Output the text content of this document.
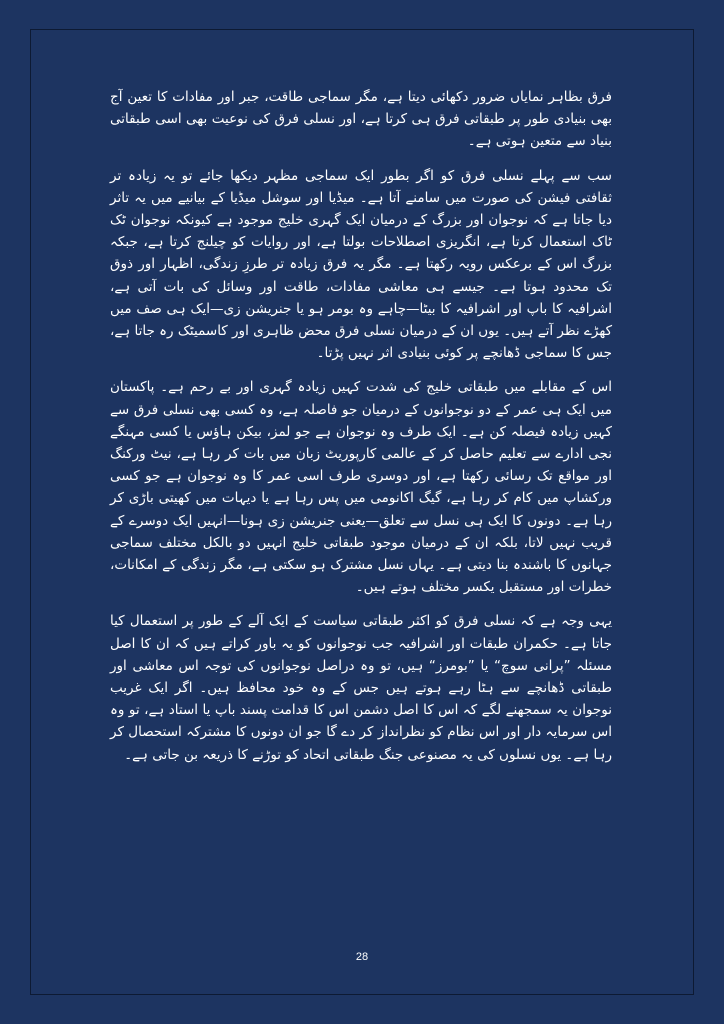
فرق بظاہر نمایاں ضرور دکھائی دیتا ہے، مگر سماجی طاقت، جبر اور مفادات کا تعین آج بھی بنیادی طور پر طبقاتی فرق ہی کرتا ہے، اور نسلی فرق کی نوعیت بھی اسی طبقاتی بنیاد سے متعین ہوتی ہے۔

سب سے پہلے نسلی فرق کو اگر بطور ایک سماجی مظہر دیکھا جائے تو یہ زیادہ تر ثقافتی فیشن کی صورت میں سامنے آتا ہے۔ میڈیا اور سوشل میڈیا کے بیانیے میں یہ تاثر دیا جاتا ہے کہ نوجوان اور بزرگ کے درمیان ایک گہری خلیج موجود ہے کیونکہ نوجوان ٹک ٹاک استعمال کرتا ہے، انگریزی اصطلاحات بولتا ہے، اور روایات کو چیلنج کرتا ہے، جبکہ بزرگ اس کے برعکس رویہ رکھتا ہے۔ مگر یہ فرق زیادہ تر طرزِ زندگی، اظہار اور ذوق تک محدود ہوتا ہے۔ جیسے ہی معاشی مفادات، طاقت اور وسائل کی بات آتی ہے، اشرافیہ کا باپ اور اشرافیہ کا بیٹا—چاہے وہ بومر ہو یا جنریشن زی—ایک ہی صف میں کھڑے نظر آتے ہیں۔ یوں ان کے درمیان نسلی فرق محض ظاہری اور کاسمیٹک رہ جاتا ہے، جس کا سماجی ڈھانچے پر کوئی بنیادی اثر نہیں پڑتا۔

اس کے مقابلے میں طبقاتی خلیج کی شدت کہیں زیادہ گہری اور بے رحم ہے۔ پاکستان میں ایک ہی عمر کے دو نوجوانوں کے درمیان جو فاصلہ ہے، وہ کسی بھی نسلی فرق سے کہیں زیادہ فیصلہ کن ہے۔ ایک طرف وہ نوجوان ہے جو لمز، بیکن ہاؤس یا کسی مہنگے نجی ادارے سے تعلیم حاصل کر کے عالمی کارپوریٹ زبان میں بات کر رہا ہے، نیٹ ورکنگ اور مواقع تک رسائی رکھتا ہے، اور دوسری طرف اسی عمر کا وہ نوجوان ہے جو کسی ورکشاپ میں کام کر رہا ہے، گیگ اکانومی میں پس رہا ہے یا دیہات میں کھیتی باڑی کر رہا ہے۔ دونوں کا ایک ہی نسل سے تعلق—یعنی جنریشن زی ہونا—انہیں ایک دوسرے کے قریب نہیں لاتا، بلکہ ان کے درمیان موجود طبقاتی خلیج انہیں دو بالکل مختلف سماجی جہانوں کا باشندہ بنا دیتی ہے۔ یہاں نسل مشترک ہو سکتی ہے، مگر زندگی کے امکانات، خطرات اور مستقبل یکسر مختلف ہوتے ہیں۔

یہی وجہ ہے کہ نسلی فرق کو اکثر طبقاتی سیاست کے ایک آلے کے طور پر استعمال کیا جاتا ہے۔ حکمران طبقات اور اشرافیہ جب نوجوانوں کو یہ باور کراتے ہیں کہ ان کا اصل مسئلہ ”پرانی سوچ“ یا ”بومرز“ ہیں، تو وہ دراصل نوجوانوں کی توجہ اس معاشی اور طبقاتی ڈھانچے سے ہٹا رہے ہوتے ہیں جس کے وہ خود محافظ ہیں۔ اگر ایک غریب نوجوان یہ سمجھنے لگے کہ اس کا اصل دشمن اس کا قدامت پسند باپ یا استاد ہے، تو وہ اس سرمایہ دار اور اس نظام کو نظرانداز کر دے گا جو ان دونوں کا مشترکہ استحصال کر رہا ہے۔ یوں نسلوں کی یہ مصنوعی جنگ طبقاتی اتحاد کو توڑنے کا ذریعہ بن جاتی ہے۔

28
